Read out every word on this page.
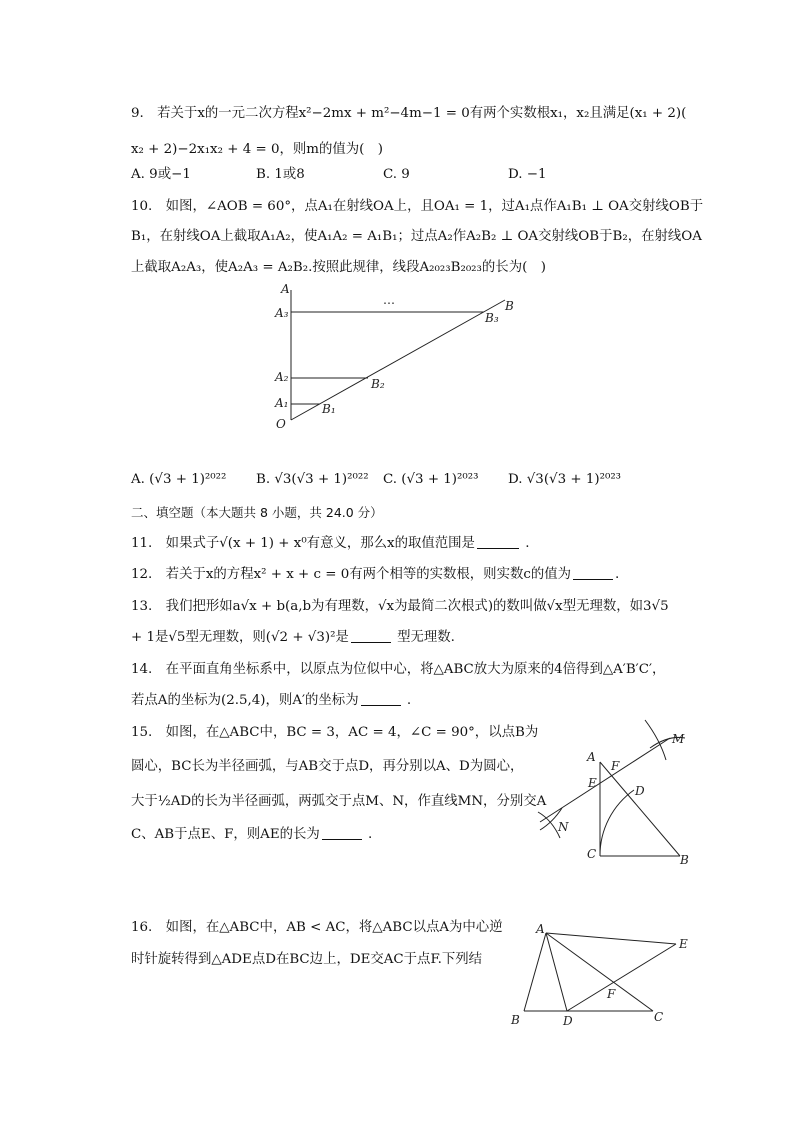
9.　若关于x的一元二次方程x²−2mx + m²−4m−1 = 0有两个实数根x₁，x₂且满足(x₁ + 2)(
x₂ + 2)−2x₁x₂ + 4 = 0，则m的值为(　)
A. 9或−1	B. 1或8	C. 9	D. −1
10.　如图，∠AOB = 60°，点A₁在射线OA上，且OA₁ = 1，过A₁点作A₁B₁ ⊥ OA交射线OB于
B₁，在射线OA上截取A₁A₂，使A₁A₂ = A₁B₁；过点A₂作A₂B₂ ⊥ OA交射线OB于B₂，在射线OA
上截取A₂A₃，使A₂A₃ = A₂B₂.按照此规律，线段A₂₀₂₃B₂₀₂₃的长为(　)
A
A₃
A₂
A₁
O
B
B₃
B₂
B₁
…
A. (√3 + 1)²⁰²² B. √3(√3 + 1)²⁰²² C. (√3 + 1)²⁰²³ D. √3(√3 + 1)²⁰²³
二、填空题（本大题共 8 小题，共 24.0 分）
11.　如果式子√(x + 1) + x⁰有意义，那么x的取值范围是	.
12.　若关于x的方程x² + x + c = 0有两个相等的实数根，则实数c的值为	.
13.　我们把形如a√x + b(a,b为有理数，√x为最简二次根式)的数叫做√x型无理数，如3√5
+ 1是√5型无理数，则(√2 + √3)²是	型无理数.
14.　在平面直角坐标系中，以原点为位似中心，将△ABC放大为原来的4倍得到△A′B′C′，
若点A的坐标为(2.5,4)，则A′的坐标为	.
15.　如图，在△ABC中，BC = 3，AC = 4，∠C = 90°，以点B为
圆心，BC长为半径画弧，与AB交于点D，再分别以A、D为圆心，
大于½AD的长为半径画弧，两弧交于点M、N，作直线MN，分别交A
C、AB于点E、F，则AE的长为	.
A
E
F
D
M
N
C	B
16.　如图，在△ABC中，AB < AC，将△ABC以点A为中心逆
时针旋转得到△ADE点D在BC边上，DE交AC于点F.下列结
A
E
F
B	D	C
